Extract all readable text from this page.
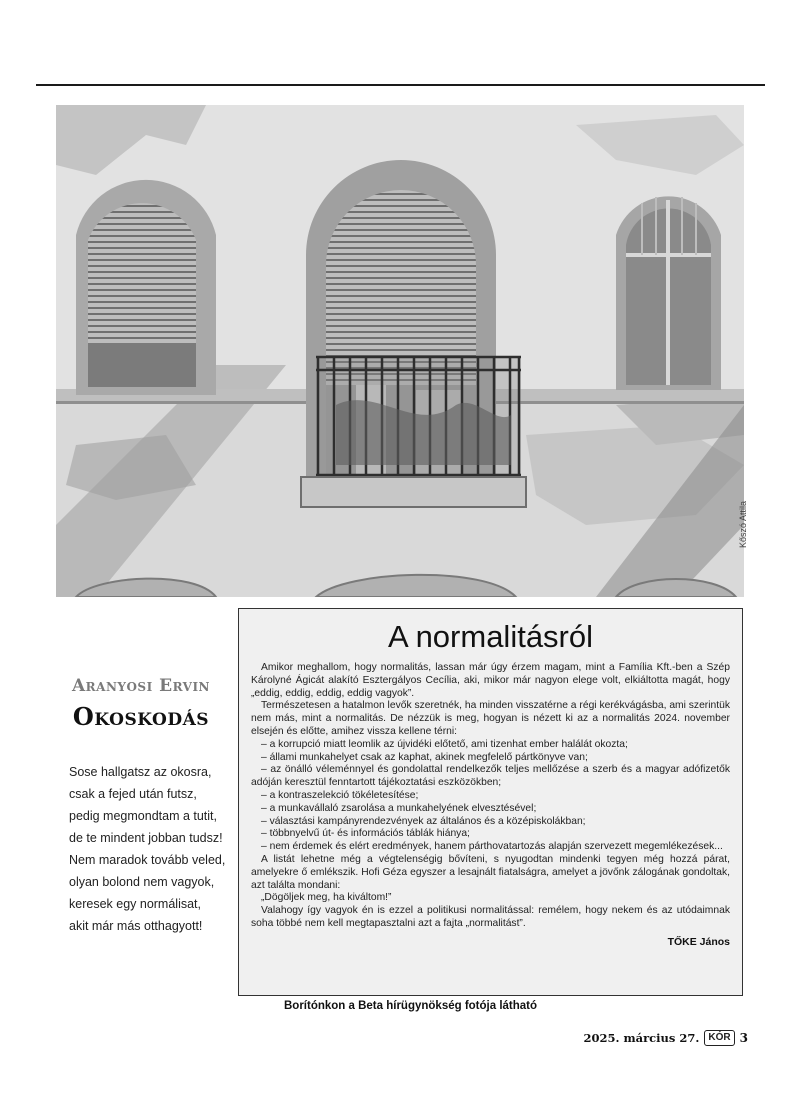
Kőszó Attila
Aranyosi Ervin
Okoskodás
Sose hallgatsz az okosra,
csak a fejed után futsz,
pedig megmondtam a tutit,
de te mindent jobban tudsz!
Nem maradok tovább veled,
olyan bolond nem vagyok,
keresek egy normálisat,
akit már más otthagyott!
A normalitásról

Amikor meghallom, hogy normalitás, lassan már úgy érzem magam, mint a Família Kft.-ben a Szép Károlyné Ágicát alakító Esztergályos Cecília, aki, mikor már nagyon elege volt, elkiáltotta magát, hogy „eddig, eddig, eddig, eddig vagyok”.

Természetesen a hatalmon levők szeretnék, ha minden visszatérne a régi kerékvágásba, ami szerintük nem más, mint a normalitás. De nézzük is meg, hogyan is nézett ki az a normalitás 2024. november elsején és előtte, amihez vissza kellene térni:

– a korrupció miatt leomlik az újvidéki előtető, ami tizenhat ember halálát okozta;
– állami munkahelyet csak az kaphat, akinek megfelelő pártkönyve van;
– az önálló véleménnyel és gondolattal rendelkezők teljes mellőzése a szerb és a magyar adófizetők adóján keresztül fenntartott tájékoztatási eszközökben;
– a kontraszelekció tökéletesítése;
– a munkavállaló zsarolása a munkahelyének elvesztésével;
– választási kampányrendezvények az általános és a középiskolákban;
– többnyelvű út- és információs táblák hiánya;
– nem érdemek és elért eredmények, hanem párthovatartozás alapján szervezett megemlékezések...

A listát lehetne még a végtelenségig bővíteni, s nyugodtan mindenki tegyen még hozzá párat, amelyekre ő emlékszik. Hofi Géza egyszer a lesajnált fiatalságra, amelyet a jövőnk zálogának gondoltak, azt találta mondani:

„Dögöljek meg, ha kiváltom!”

Valahogy így vagyok én is ezzel a politikusi normalitással: remélem, hogy nekem és az utódaimnak soha többé nem kell megtapasztalni azt a fajta „normalitást”.

TŐKE János
Borítónkon a Beta hírügynökség fotója látható
2025. március 27. KÓR 3
